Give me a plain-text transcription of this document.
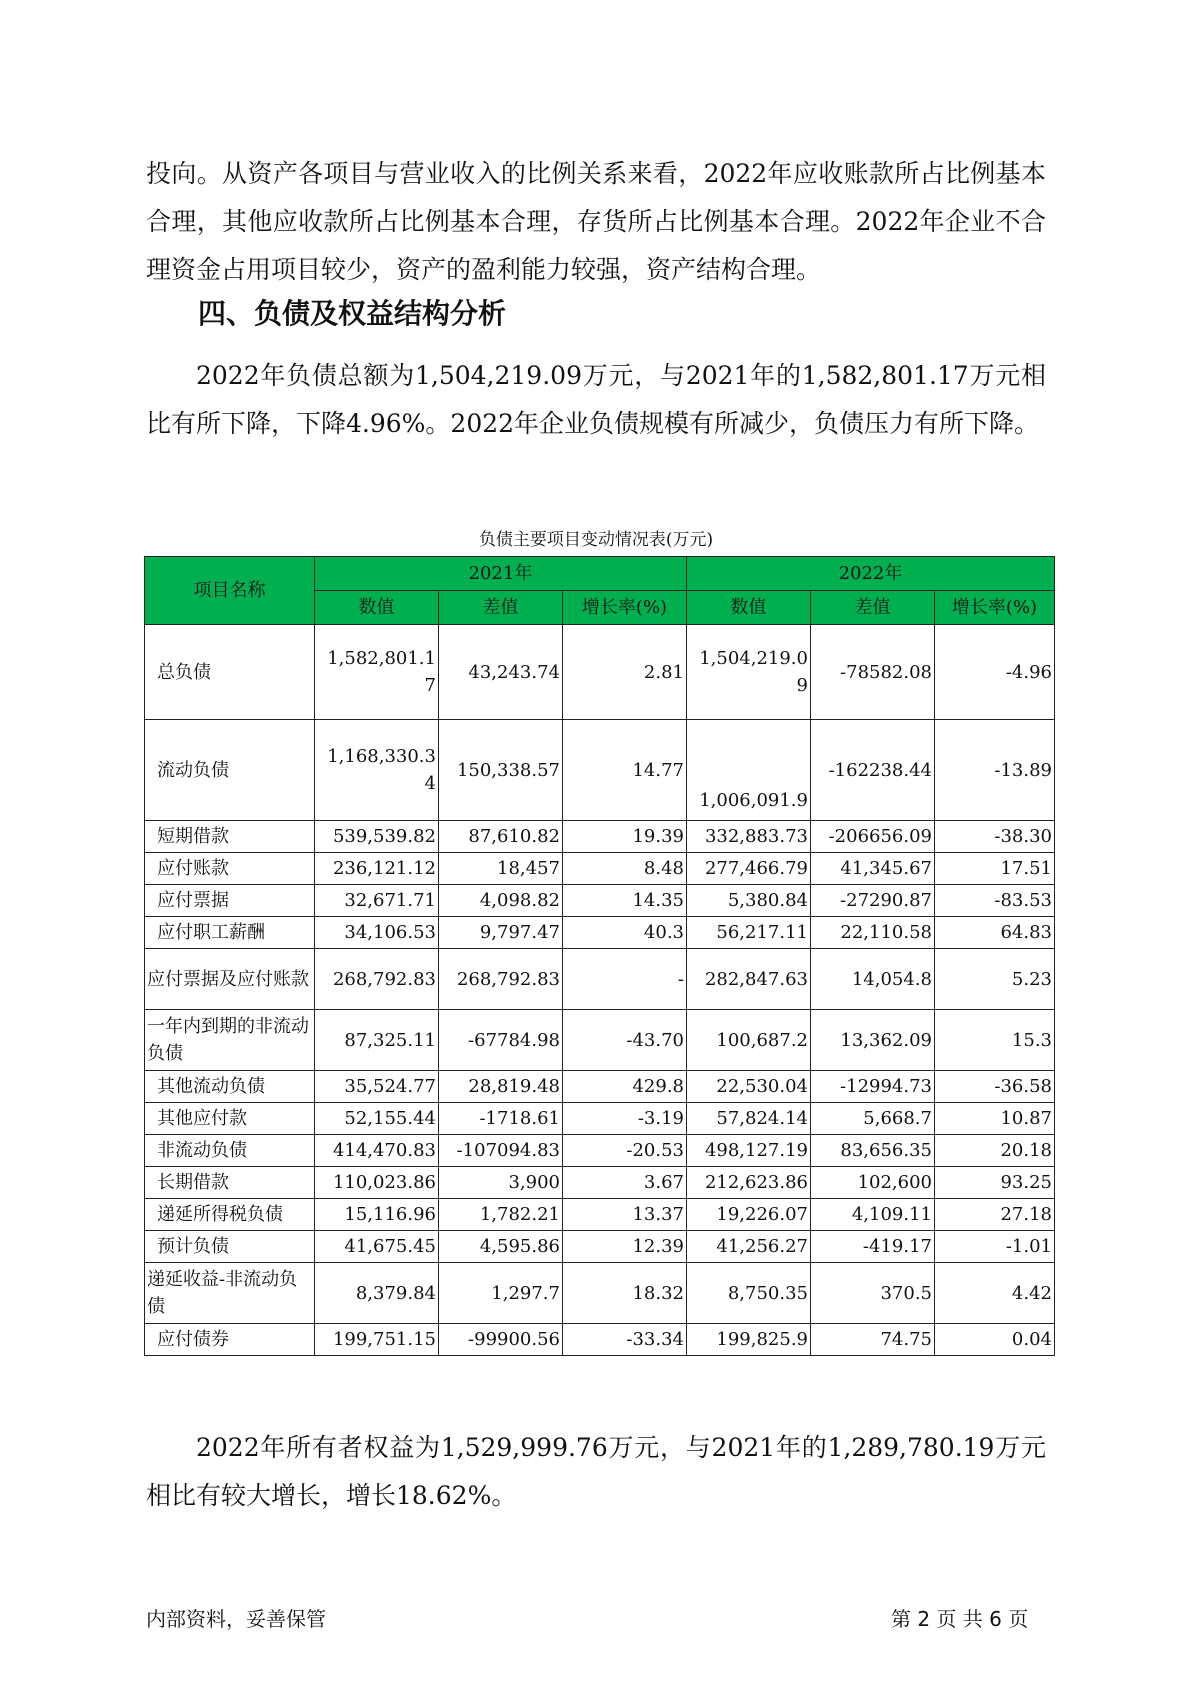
投向。从资产各项目与营业收入的比例关系来看，2022年应收账款所占比例基本合理，其他应收款所占比例基本合理，存货所占比例基本合理。2022年企业不合理资金占用项目较少，资产的盈利能力较强，资产结构合理。

四、负债及权益结构分析

2022年负债总额为1,504,219.09万元，与2021年的1,582,801.17万元相比有所下降，下降4.96%。2022年企业负债规模有所减少，负债压力有所下降。

负债主要项目变动情况表(万元)
项目名称	2021年			2022年		
	数值	差值	增长率(%)	数值	差值	增长率(%)
总负债	1,582,801.17	43,243.74	2.81	1,504,219.09	-78582.08	-4.96
流动负债	1,168,330.34	150,338.57	14.77	1,006,091.9	-162238.44	-13.89
短期借款	539,539.82	87,610.82	19.39	332,883.73	-206656.09	-38.30
应付账款	236,121.12	18,457	8.48	277,466.79	41,345.67	17.51
应付票据	32,671.71	4,098.82	14.35	5,380.84	-27290.87	-83.53
应付职工薪酬	34,106.53	9,797.47	40.3	56,217.11	22,110.58	64.83
应付票据及应付账款	268,792.83	268,792.83	-	282,847.63	14,054.8	5.23
一年内到期的非流动负债	87,325.11	-67784.98	-43.70	100,687.2	13,362.09	15.3
其他流动负债	35,524.77	28,819.48	429.8	22,530.04	-12994.73	-36.58
其他应付款	52,155.44	-1718.61	-3.19	57,824.14	5,668.7	10.87
非流动负债	414,470.83	-107094.83	-20.53	498,127.19	83,656.35	20.18
长期借款	110,023.86	3,900	3.67	212,623.86	102,600	93.25
递延所得税负债	15,116.96	1,782.21	13.37	19,226.07	4,109.11	27.18
预计负债	41,675.45	4,595.86	12.39	41,256.27	-419.17	-1.01
递延收益-非流动负债	8,379.84	1,297.7	18.32	8,750.35	370.5	4.42
应付债券	199,751.15	-99900.56	-33.34	199,825.9	74.75	0.04

2022年所有者权益为1,529,999.76万元，与2021年的1,289,780.19万元相比有较大增长，增长18.62%。

内部资料，妥善保管	第 2 页 共 6 页
